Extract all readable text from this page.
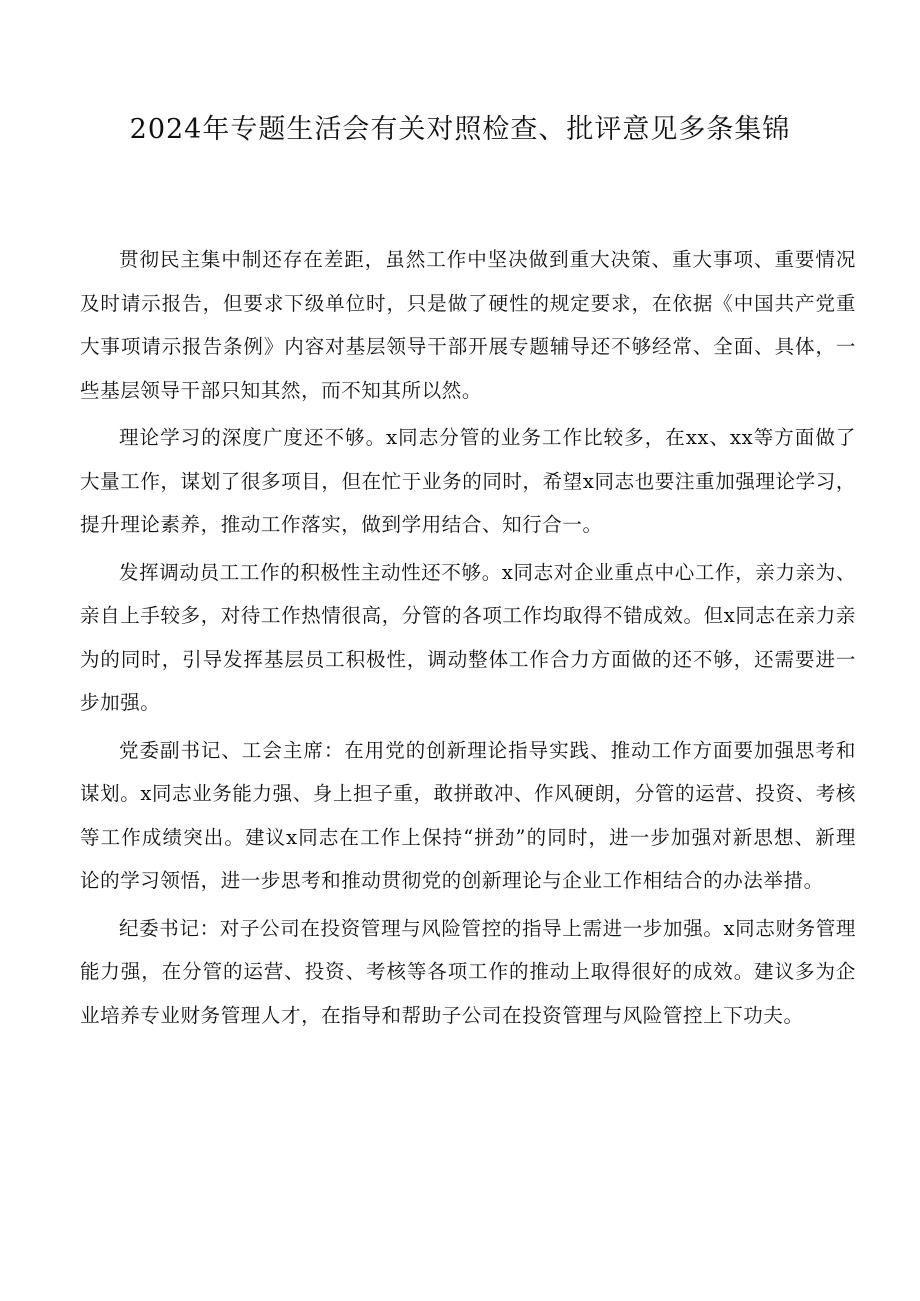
2024年专题生活会有关对照检查、批评意见多条集锦

贯彻民主集中制还存在差距，虽然工作中坚决做到重大决策、重大事项、重要情况及时请示报告，但要求下级单位时，只是做了硬性的规定要求，在依据《中国共产党重大事项请示报告条例》内容对基层领导干部开展专题辅导还不够经常、全面、具体，一些基层领导干部只知其然，而不知其所以然。

理论学习的深度广度还不够。x同志分管的业务工作比较多，在xx、xx等方面做了大量工作，谋划了很多项目，但在忙于业务的同时，希望x同志也要注重加强理论学习，提升理论素养，推动工作落实，做到学用结合、知行合一。

发挥调动员工工作的积极性主动性还不够。x同志对企业重点中心工作，亲力亲为、亲自上手较多，对待工作热情很高，分管的各项工作均取得不错成效。但x同志在亲力亲为的同时，引导发挥基层员工积极性，调动整体工作合力方面做的还不够，还需要进一步加强。

党委副书记、工会主席：在用党的创新理论指导实践、推动工作方面要加强思考和谋划。x同志业务能力强、身上担子重，敢拼敢冲、作风硬朗，分管的运营、投资、考核等工作成绩突出。建议x同志在工作上保持“拼劲”的同时，进一步加强对新思想、新理论的学习领悟，进一步思考和推动贯彻党的创新理论与企业工作相结合的办法举措。

纪委书记：对子公司在投资管理与风险管控的指导上需进一步加强。x同志财务管理能力强，在分管的运营、投资、考核等各项工作的推动上取得很好的成效。建议多为企业培养专业财务管理人才，在指导和帮助子公司在投资管理与风险管控上下功夫。
